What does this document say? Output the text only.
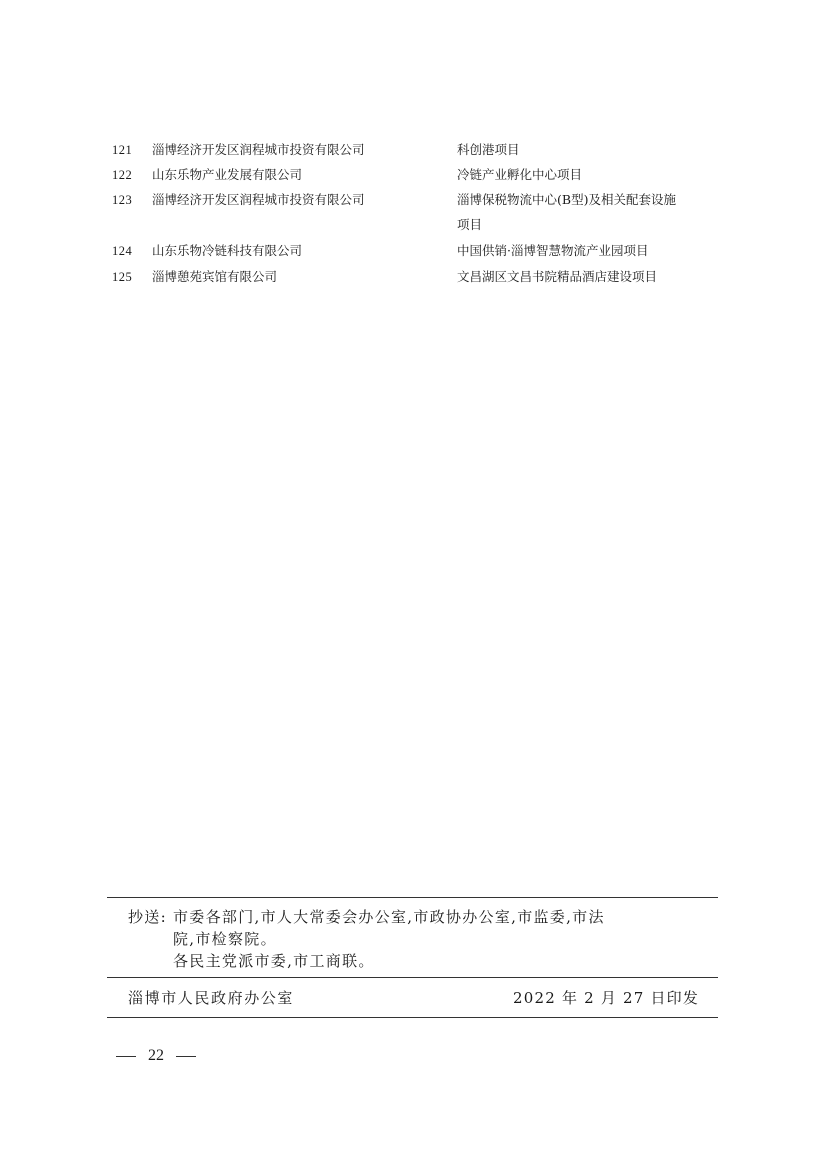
121	淄博经济开发区润程城市投资有限公司	科创港项目
122	山东乐物产业发展有限公司	冷链产业孵化中心项目
123	淄博经济开发区润程城市投资有限公司	淄博保税物流中心(B型)及相关配套设施
项目
124	山东乐物冷链科技有限公司	中国供销·淄博智慧物流产业园项目
125	淄博憩苑宾馆有限公司	文昌湖区文昌书院精品酒店建设项目
抄送: 市委各部门,市人大常委会办公室,市政协办公室,市监委,市法
院,市检察院。
各民主党派市委,市工商联。
淄博市人民政府办公室	2022 年 2 月 27 日印发
22
